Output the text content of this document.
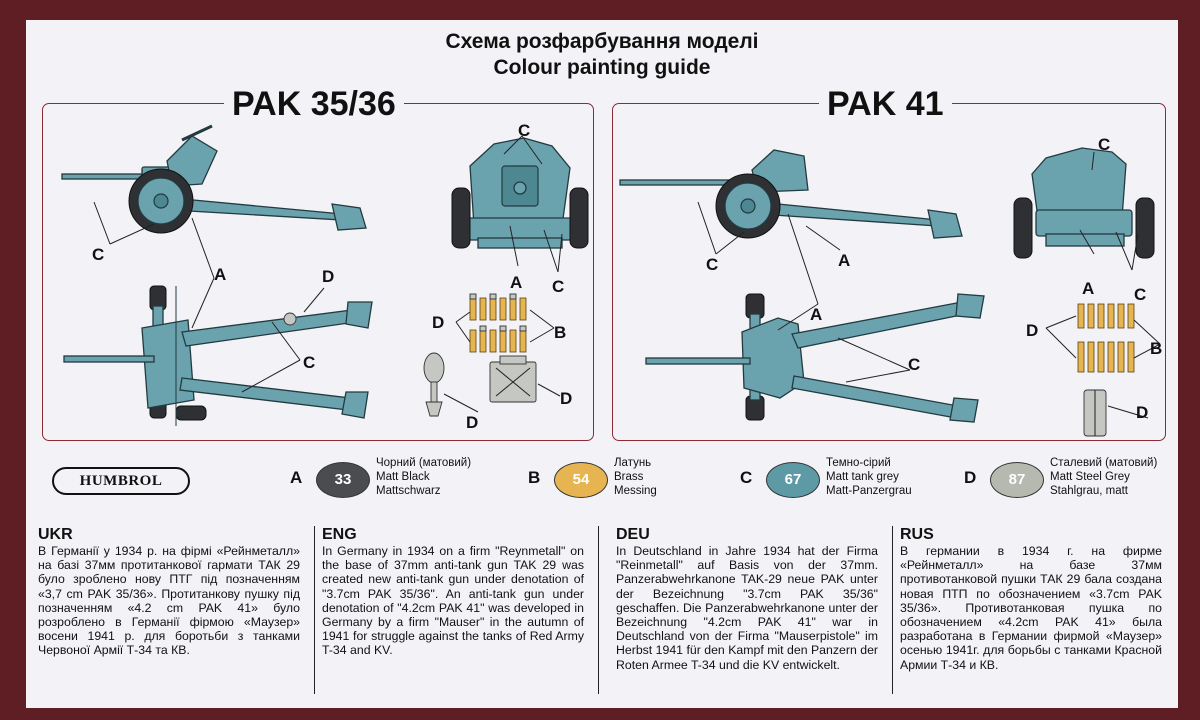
Схема розфарбування моделі
Colour painting guide
PAK 35/36	PAK 41
C
A	D
C
C
A C
D
B
D
D
C
C	A
A
C
A C
D
B
D
HUMBROL	A	33
Чорний (матовий)
Matt Black
Mattschwarz
B	54
Латунь
Brass
Messing
C	67
Темно-сірий
Matt tank grey
Matt-Panzergrau
D	87
Сталевий (матовий)
Matt Steel Grey
Stahlgrau, matt
UKR
В Германії у 1934 р. на фірмі «Рейнметалл» на базі 37мм протитанкової гармати ТАК 29 було зроблено нову ПТГ під позначенням «3,7 cm PAK 35/36». Протитанкову пушку під позначенням «4.2 cm PAK 41» було розроблено в Германії фірмою «Маузер» восени 1941 р. для боротьби з танками Червоної Армії Т-34 та КВ.
ENG
In Germany in 1934 on a firm "Reynmetall" on the base of 37mm anti-tank gun TAK 29 was created new anti-tank gun under denotation of "3.7cm PAK 35/36". An anti-tank gun under denotation of "4.2cm PAK 41" was developed in Germany by a firm "Mauser" in the autumn of 1941 for struggle against the tanks of Red Army T-34 and KV.
DEU
In Deutschland in Jahre 1934 hat der Firma "Reinmetall" auf Basis von der 37mm. Panzerabwehrkanone TAK-29 neue PAK unter der Bezeichnung "3.7cm PAK 35/36" geschaffen. Die Panzerabwehrkanone unter der Bezeichnung "4.2cm PAK 41" war in Deutschland von der Firma "Mauserpistole" im Herbst 1941 für den Kampf mit den Panzern der Roten Armee T-34 und die KV entwickelt.
RUS
В германии в 1934 г. на фирме «Рейнметалл» на базе 37мм противотанковой пушки ТАК 29 бала создана новая ПТП по обозначением «3.7cm PAK 35/36». Противотанковая пушка по обозначением «4.2cm PAK 41» была разработана в Германии фирмой «Маузер» осенью 1941г. для борьбы с танками Красной Армии Т-34 и КВ.
